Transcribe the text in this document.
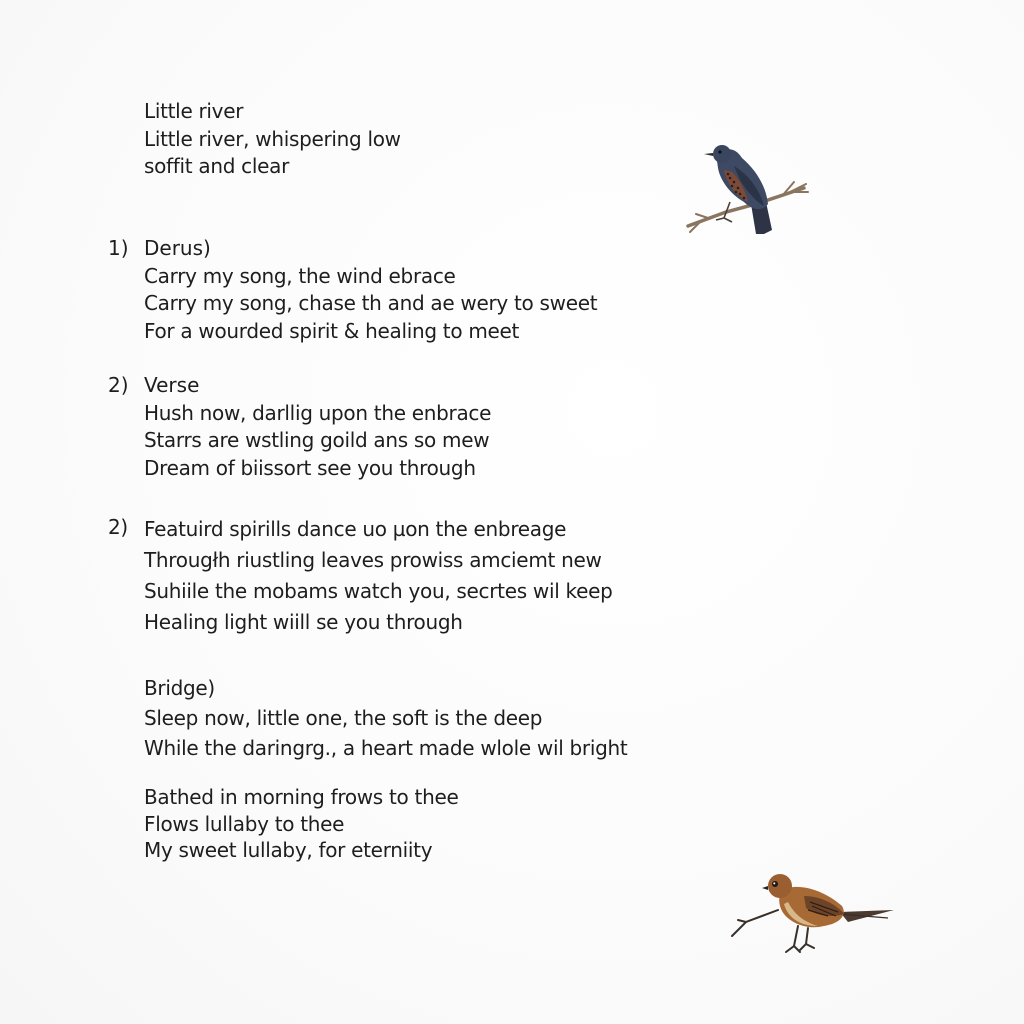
Little river
Little river, whispering low
soffit and clear
1) Derus)
Carry my song, the wind ebrace
Carry my song, chase th and ae wery to sweet
For a wourded spirit & healing to meet
2) Verse
Hush now, darllig upon the enbrace
Starrs are wstling goild ans so mew
Dream of biissort see you through
2) Featuird spirills dance uo µon the enbreage
Througłh riustling leaves prowiss amciemt new
Suhiile the mobams watch you, secrtes wil keep
Healing light wiill se you through
Bridge)
Sleep now, little one, the soft is the deep
While the daringrg., a heart made wlole wil bright
Bathed in morning frows to thee
Flows lullaby to thee
My sweet lullaby, for eterniity
